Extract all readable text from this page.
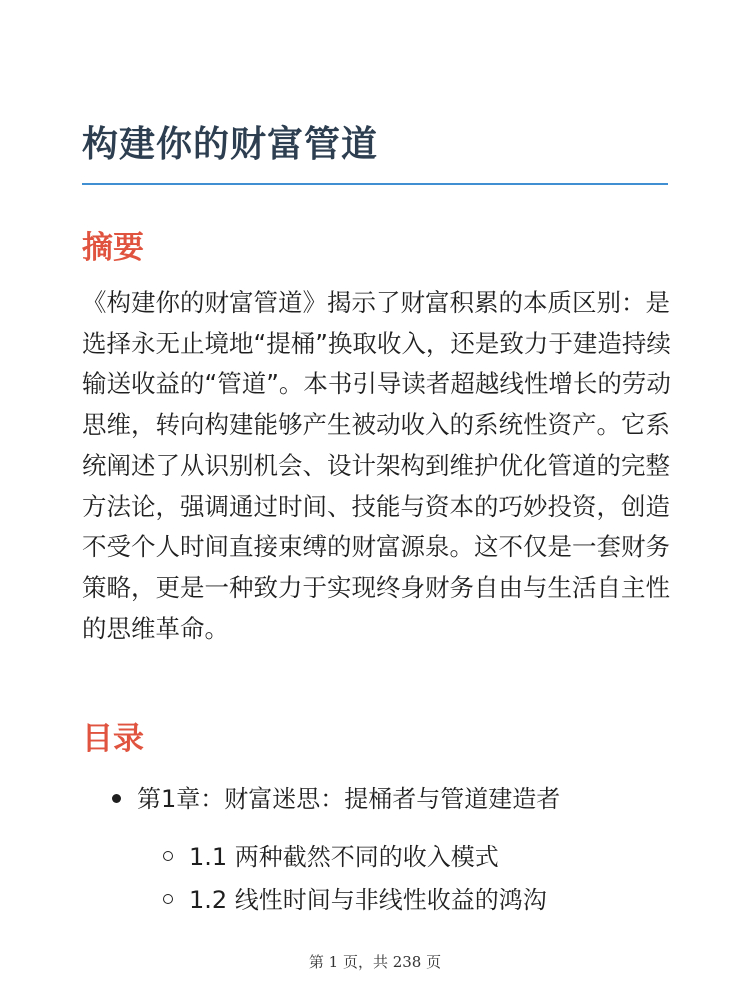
构建你的财富管道
摘要

《构建你的财富管道》揭示了财富积累的本质区别：是选择永无止境地“提桶”换取收入，还是致力于建造持续输送收益的“管道”。本书引导读者超越线性增长的劳动思维，转向构建能够产生被动收入的系统性资产。它系统阐述了从识别机会、设计架构到维护优化管道的完整方法论，强调通过时间、技能与资本的巧妙投资，创造不受个人时间直接束缚的财富源泉。这不仅是一套财务策略，更是一种致力于实现终身财务自由与生活自主性的思维革命。

目录
第1章：财富迷思：提桶者与管道建造者
1.1 两种截然不同的收入模式
1.2 线性时间与非线性收益的鸿沟
第 1 页，共 238 页
